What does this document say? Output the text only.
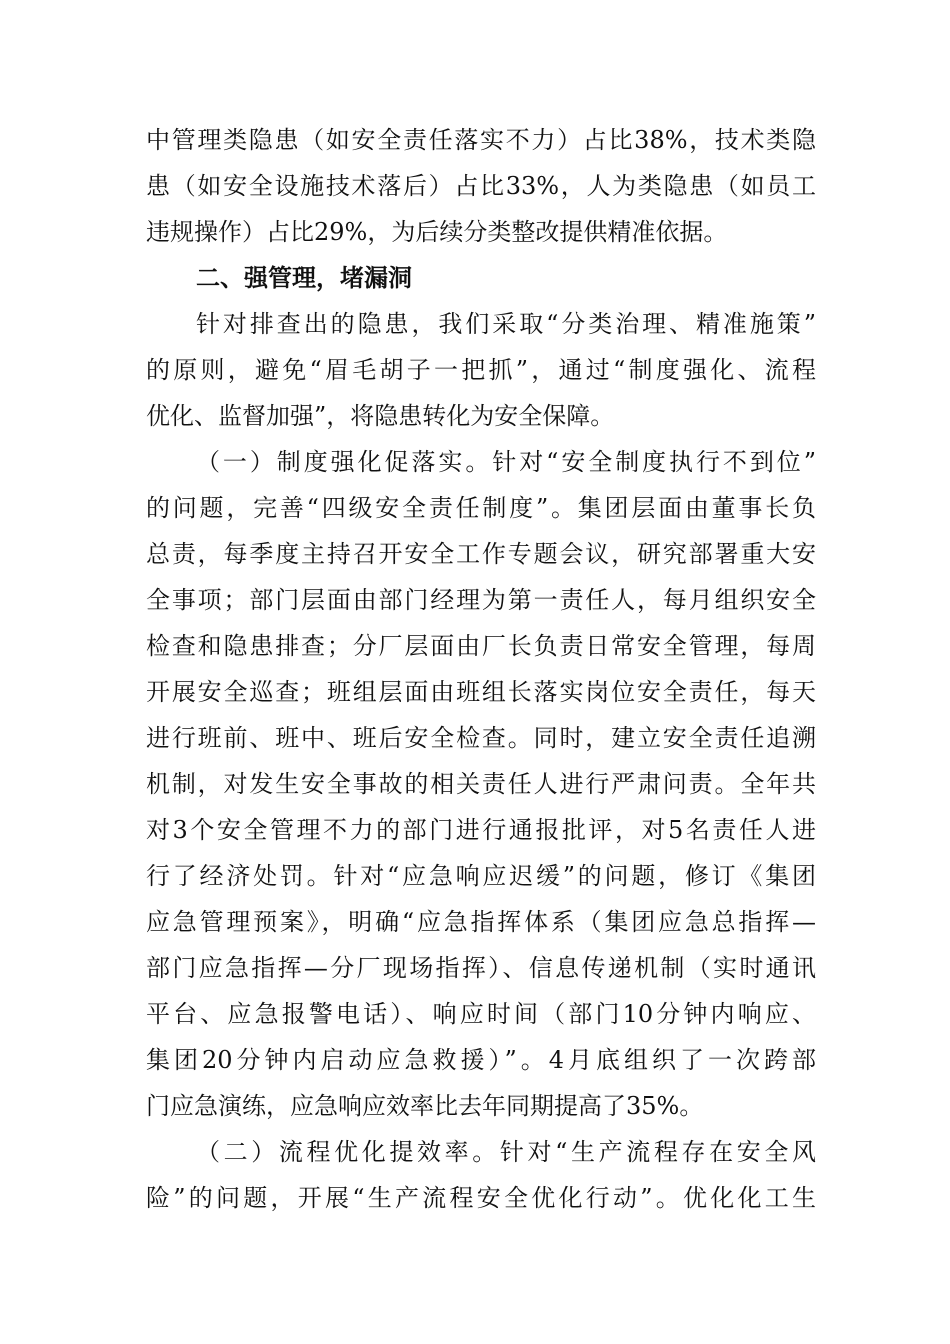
中管理类隐患（如安全责任落实不力）占比38%，技术类隐
患（如安全设施技术落后）占比33%，人为类隐患（如员工
违规操作）占比29%，为后续分类整改提供精准依据。
二、强管理，堵漏洞
针对排查出的隐患，我们采取“分类治理、精准施策”
的原则，避免“眉毛胡子一把抓”，通过“制度强化、流程
优化、监督加强”，将隐患转化为安全保障。
（一）制度强化促落实。针对“安全制度执行不到位”
的问题，完善“四级安全责任制度”。集团层面由董事长负
总责，每季度主持召开安全工作专题会议，研究部署重大安
全事项；部门层面由部门经理为第一责任人，每月组织安全
检查和隐患排查；分厂层面由厂长负责日常安全管理，每周
开展安全巡查；班组层面由班组长落实岗位安全责任，每天
进行班前、班中、班后安全检查。同时，建立安全责任追溯
机制，对发生安全事故的相关责任人进行严肃问责。全年共
对3个安全管理不力的部门进行通报批评，对5名责任人进
行了经济处罚。针对“应急响应迟缓”的问题，修订《集团
应急管理预案》，明确“应急指挥体系（集团应急总指挥—
部门应急指挥—分厂现场指挥）、信息传递机制（实时通讯
平台、应急报警电话）、响应时间（部门10分钟内响应、
集团20分钟内启动应急救援）”。4月底组织了一次跨部
门应急演练，应急响应效率比去年同期提高了35%。
（二）流程优化提效率。针对“生产流程存在安全风
险”的问题，开展“生产流程安全优化行动”。优化化工生
